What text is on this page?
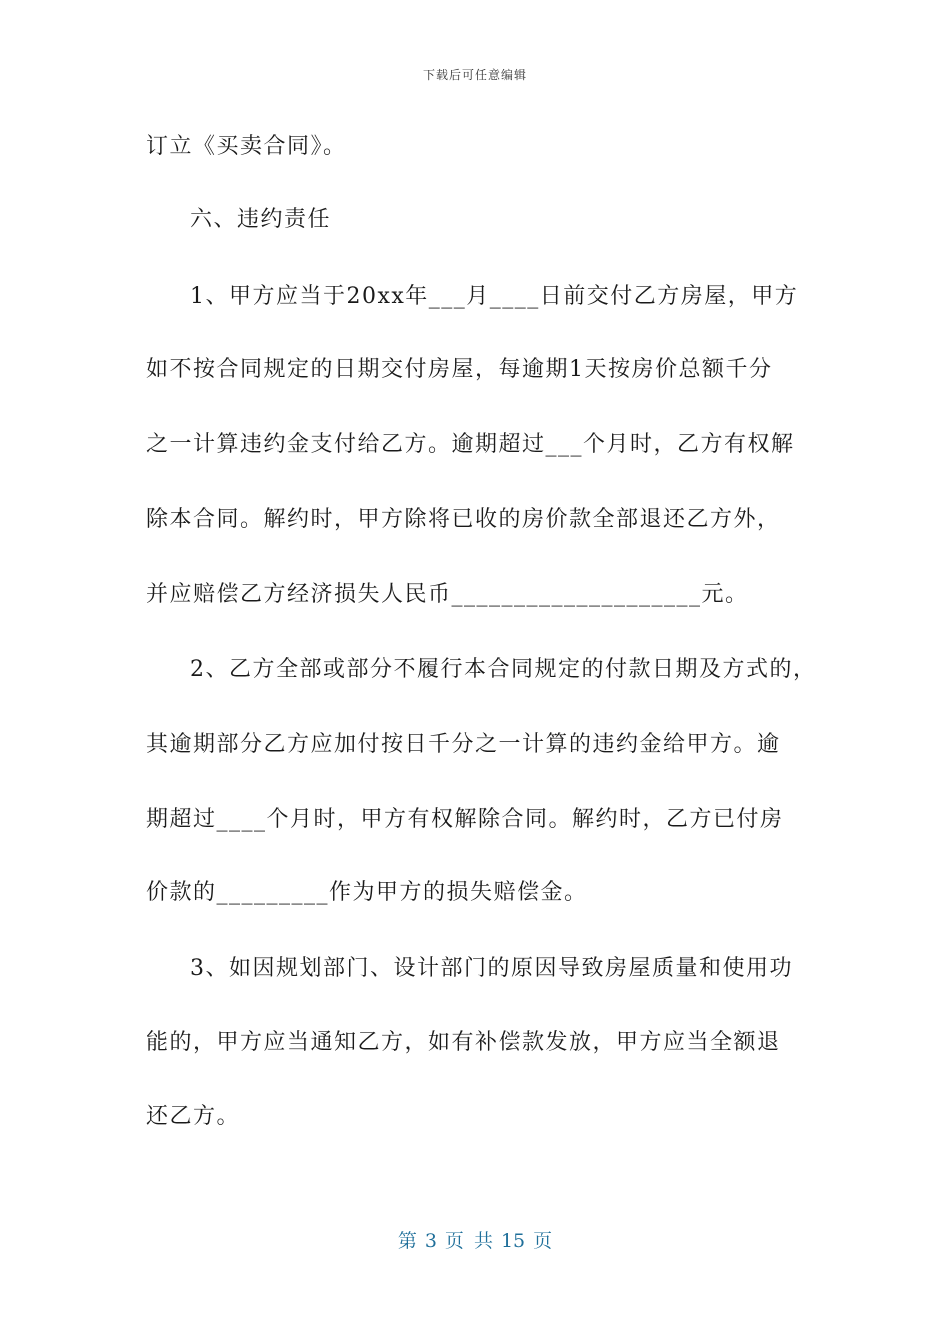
下载后可任意编辑
订立《买卖合同》。
六、违约责任
1、甲方应当于20xx年___月____日前交付乙方房屋，甲方
如不按合同规定的日期交付房屋，每逾期1天按房价总额千分
之一计算违约金支付给乙方。逾期超过___个月时，乙方有权解
除本合同。解约时，甲方除将已收的房价款全部退还乙方外，
并应赔偿乙方经济损失人民币____________________元。
2、乙方全部或部分不履行本合同规定的付款日期及方式的，
其逾期部分乙方应加付按日千分之一计算的违约金给甲方。逾
期超过____个月时，甲方有权解除合同。解约时，乙方已付房
价款的_________作为甲方的损失赔偿金。
3、如因规划部门、设计部门的原因导致房屋质量和使用功
能的，甲方应当通知乙方，如有补偿款发放，甲方应当全额退
还乙方。
第 3 页 共 15 页
